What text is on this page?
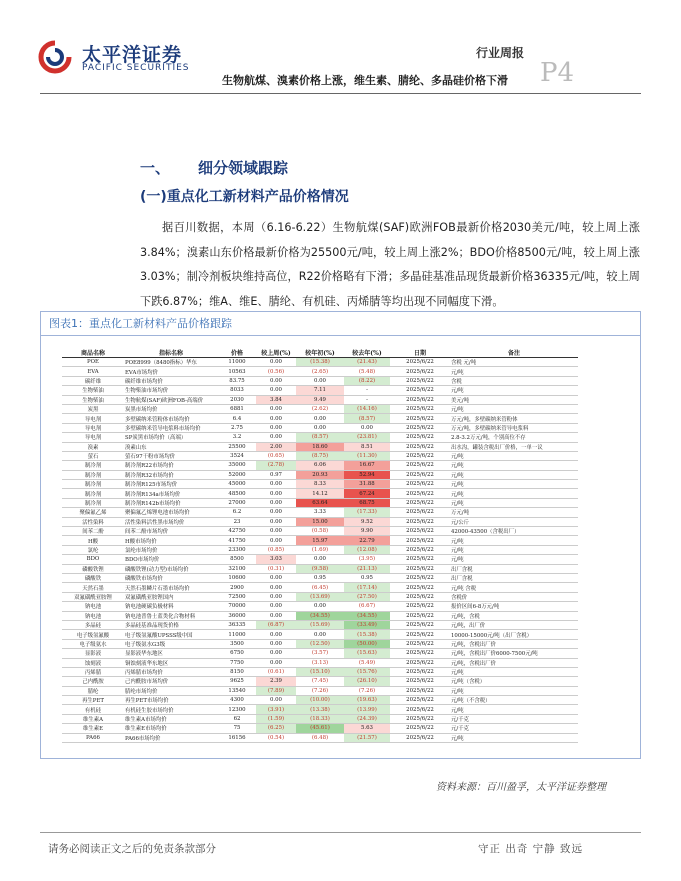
太平洋证券
PACIFIC SECURITIES
行业周报
P4
生物航煤、溴素价格上涨，维生素、腈纶、多晶硅价格下滑
一、 细分领域跟踪
(一)重点化工新材料产品价格情况
据百川数据，本周（6.16-6.22）生物航煤(SAF)欧洲FOB最新价格2030美元/吨，较上周上涨3.84%；溴素山东价格最新价格为25500元/吨，较上周上涨2%；BDO价格8500元/吨，较上周上涨3.03%；制冷剂板块维持高位，R22价格略有下滑；多晶硅基准品现货最新价格36335元/吨，较上周下跌6.87%；维A、维E、腈纶、有机硅、丙烯腈等均出现不同幅度下滑。
图表1：重点化工新材料产品价格跟踪
商品名称	指标名称	价格	较上周(%)	较年初(%)	较去年(%)	日期	备注
POE	POE8999（8480指标）华东	11000	0.00	(15.38)	(21.43)	2025/6/22	含税 元/吨
EVA	EVA市场均价	10563	(0.56)	(2.65)	(5.48)	2025/6/22	元/吨
碳纤维	碳纤维市场均价	83.75	0.00	0.00	(8.22)	2025/6/22	含税
生物柴油	生物柴油市场均价	8033	0.00	7.11	-	2025/6/22	元/吨
生物柴油	生物航煤(SAF)欧洲FOB-高端价	2030	3.84	9.49	-	2025/6/22	美元/吨
炭黑	炭黑市场均价	6881	0.00	(2.62)	(14.16)	2025/6/22	元/吨
导电剂	多壁碳纳米管粉体市场均价	6.4	0.00	0.00	(8.57)	2025/6/22	万元/吨，多壁碳纳米管粉体
导电剂	多壁碳纳米管导电浆料市场均价	2.75	0.00	0.00	0.00	2025/6/22	万元/吨，多壁碳纳米管导电浆料
导电剂	SP炭黑市场均价（高端）	3.2	0.00	(8.57)	(23.81)	2025/6/22	2.8-3.2万元/吨，个别高位不存
溴素	溴素山东	25500	2.00	18.60	8.51	2025/6/22	出水沟，罐装含税出厂价格，一单一议
萤石	萤石97干粉市场均价	3524	(0.65)	(8.75)	(11.30)	2025/6/22	元/吨
制冷剂	制冷剂R22市场均价	35000	(2.78)	6.06	16.67	2025/6/22	元/吨
制冷剂	制冷剂R32市场均价	52000	0.97	20.93	52.94	2025/6/22	元/吨
制冷剂	制冷剂R125市场均价	45000	0.00	8.33	31.88	2025/6/22	元/吨
制冷剂	制冷剂R134a市场均价	48500	0.00	14.12	67.24	2025/6/22	元/吨
制冷剂	制冷剂R142b市场均价	27000	0.00	63.64	68.75	2025/6/22	元/吨
聚偏氟乙烯	聚偏氟乙烯锂电池市场均价	6.2	0.00	3.33	(17.33)	2025/6/22	万元/吨
活性染料	活性染料活性黑市场均价	23	0.00	15.00	9.52	2025/6/22	元/公斤
间苯二酚	间苯二酚市场均价	42750	0.00	(0.58)	9.90	2025/6/22	42000-43500（含税出厂）
H酸	H酸市场均价	41750	0.00	15.97	22.79	2025/6/22	元/吨
氯纶	氯纶市场均价	23300	(0.85)	(1.69)	(12.08)	2025/6/22	元/吨
BDO	BDO市场均价	8500	3.03	0.00	(3.95)	2025/6/22	元/吨
磷酸铁锂	磷酸铁锂(动力型)市场均价	32100	(0.31)	(9.58)	(21.13)	2025/6/22	出厂含税
磷酸铁	磷酸铁市场均价	10600	0.00	0.95	0.95	2025/6/22	出厂含税
天然石墨	天然石墨鳞片石墨市场均价	2900	0.00	(6.45)	(17.14)	2025/6/22	元/吨 含税
双氟磺酰亚胺锂	双氟磺酰亚胺锂国内	72500	0.00	(13.69)	(27.50)	2025/6/22	含税价
钠电池	钠电池硬碳负极材料	70000	0.00	0.00	(6.67)	2025/6/22	报价区间6-8万元/吨
钠电池	钠电池普鲁士蓝类化合物材料	36000	0.00	(34.55)	(34.55)	2025/6/22	元/吨，含税
多晶硅	多晶硅基准品现货价格	36335	(6.87)	(15.69)	(33.49)	2025/6/22	元/吨，出厂价
电子级氢氟酸	电子级氢氟酸UPSSS级中国	11000	0.00	0.00	(15.38)	2025/6/22	10000-15000元/吨（出厂含税）
电子级氨水	电子级氨水G3级	3500	0.00	(12.50)	(50.00)	2025/6/22	元/吨，含税出厂价
显影液	显影液华东地区	6750	0.00	(3.57)	(15.63)	2025/6/22	元/吨，含税出厂价6000-7500元/吨
蚀刻液	铜蚀刻液华东地区	7750	0.00	(3.13)	(5.49)	2025/6/22	元/吨，含税出厂价
丙烯腈	丙烯腈市场均价	8150	(0.61)	(15.10)	(15.76)	2025/6/22	元/吨
己内酰胺	己内酰胺市场均价	9625	2.39	(7.45)	(26.10)	2025/6/22	元/吨（含税）
腈纶	腈纶市场均价	13540	(7.89)	(7.26)	(7.26)	2025/6/22	元/吨
再生PET	再生PET市场均价	4300	0.00	(10.00)	(19.63)	2025/6/22	元/吨（不含税）
有机硅	有机硅生胶市场均价	12300	(3.91)	(13.38)	(13.99)	2025/6/22	元/吨
维生素A	维生素A市场均价	62	(1.59)	(18.33)	(24.39)	2025/6/22	元/千克
维生素E	维生素E市场均价	75	(6.25)	(45.61)	5.63	2025/6/22	元/千克
PA66	PA66市场均价	16156	(0.54)	(6.48)	(21.57)	2025/6/22	元/吨
资料来源：百川盈孚，太平洋证券整理
请务必阅读正文之后的免责条款部分	守正 出奇 宁静 致远
